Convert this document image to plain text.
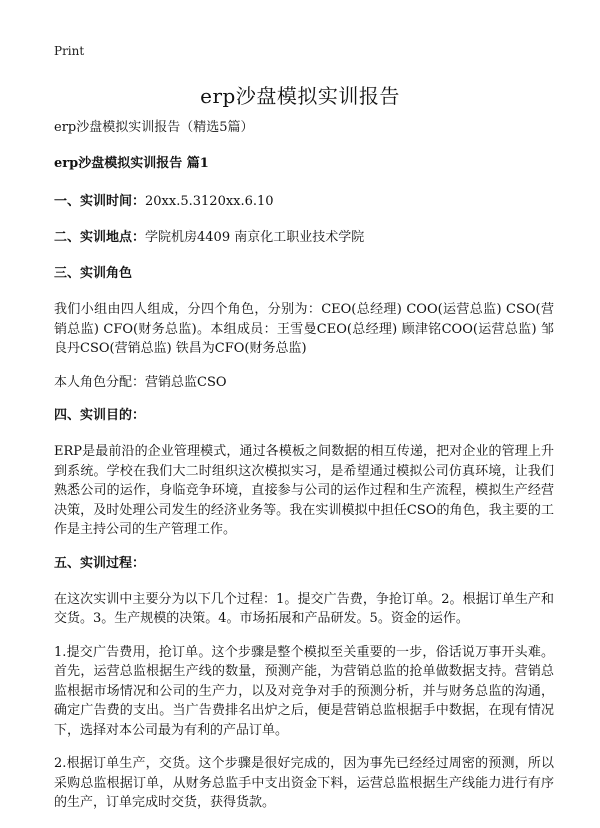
Print
erp沙盘模拟实训报告

erp沙盘模拟实训报告（精选5篇）

erp沙盘模拟实训报告 篇1

一、实训时间：20xx.5.3120xx.6.10

二、实训地点：学院机房4409 南京化工职业技术学院

三、实训角色

我们小组由四人组成，分四个角色，分别为：CEO(总经理) COO(运营总监) CSO(营销总监) CFO(财务总监)。本组成员：王雪曼CEO(总经理) 顾津铭COO(运营总监) 邹良丹CSO(营销总监) 铁昌为CFO(财务总监)

本人角色分配：营销总监CSO

四、实训目的：

ERP是最前沿的企业管理模式，通过各模板之间数据的相互传递，把对企业的管理上升到系统。学校在我们大二时组织这次模拟实习，是希望通过模拟公司仿真环境，让我们熟悉公司的运作，身临竞争环境，直接参与公司的运作过程和生产流程，模拟生产经营决策，及时处理公司发生的经济业务等。我在实训模拟中担任CSO的角色，我主要的工作是主持公司的生产管理工作。

五、实训过程：

在这次实训中主要分为以下几个过程：1。提交广告费，争抢订单。2。根据订单生产和交货。3。生产规模的决策。4。市场拓展和产品研发。5。资金的运作。

1.提交广告费用，抢订单。这个步骤是整个模拟至关重要的一步，俗话说万事开头难。首先，运营总监根据生产线的数量，预测产能，为营销总监的抢单做数据支持。营销总监根据市场情况和公司的生产力，以及对竞争对手的预测分析，并与财务总监的沟通，确定广告费的支出。当广告费排名出炉之后，便是营销总监根据手中数据，在现有情况下，选择对本公司最为有利的产品订单。

2.根据订单生产，交货。这个步骤是很好完成的，因为事先已经经过周密的预测，所以采购总监根据订单，从财务总监手中支出资金下料，运营总监根据生产线能力进行有序的生产，订单完成时交货，获得货款。
